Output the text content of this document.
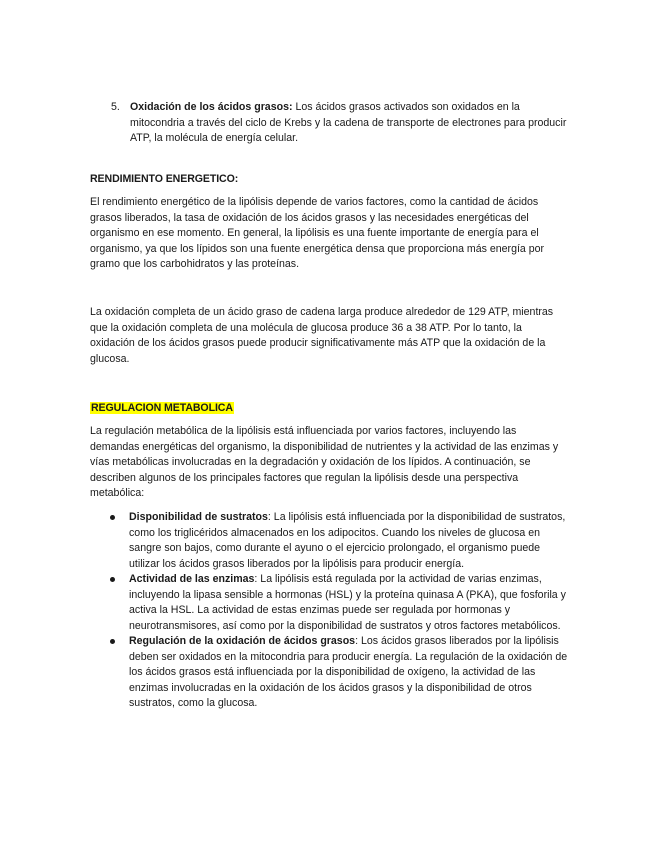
5. Oxidación de los ácidos grasos: Los ácidos grasos activados son oxidados en la mitocondria a través del ciclo de Krebs y la cadena de transporte de electrones para producir ATP, la molécula de energía celular.
RENDIMIENTO ENERGETICO:

El rendimiento energético de la lipólisis depende de varios factores, como la cantidad de ácidos grasos liberados, la tasa de oxidación de los ácidos grasos y las necesidades energéticas del organismo en ese momento. En general, la lipólisis es una fuente importante de energía para el organismo, ya que los lípidos son una fuente energética densa que proporciona más energía por gramo que los carbohidratos y las proteínas.

La oxidación completa de un ácido graso de cadena larga produce alrededor de 129 ATP, mientras que la oxidación completa de una molécula de glucosa produce 36 a 38 ATP. Por lo tanto, la oxidación de los ácidos grasos puede producir significativamente más ATP que la oxidación de la glucosa.

REGULACION METABOLICA

La regulación metabólica de la lipólisis está influenciada por varios factores, incluyendo las demandas energéticas del organismo, la disponibilidad de nutrientes y la actividad de las enzimas y vías metabólicas involucradas en la degradación y oxidación de los lípidos. A continuación, se describen algunos de los principales factores que regulan la lipólisis desde una perspectiva metabólica:

Disponibilidad de sustratos: La lipólisis está influenciada por la disponibilidad de sustratos, como los triglicéridos almacenados en los adipocitos. Cuando los niveles de glucosa en sangre son bajos, como durante el ayuno o el ejercicio prolongado, el organismo puede utilizar los ácidos grasos liberados por la lipólisis para producir energía.
Actividad de las enzimas: La lipólisis está regulada por la actividad de varias enzimas, incluyendo la lipasa sensible a hormonas (HSL) y la proteína quinasa A (PKA), que fosforila y activa la HSL. La actividad de estas enzimas puede ser regulada por hormonas y neurotransmisores, así como por la disponibilidad de sustratos y otros factores metabólicos.
Regulación de la oxidación de ácidos grasos: Los ácidos grasos liberados por la lipólisis deben ser oxidados en la mitocondria para producir energía. La regulación de la oxidación de los ácidos grasos está influenciada por la disponibilidad de oxígeno, la actividad de las enzimas involucradas en la oxidación de los ácidos grasos y la disponibilidad de otros sustratos, como la glucosa.
